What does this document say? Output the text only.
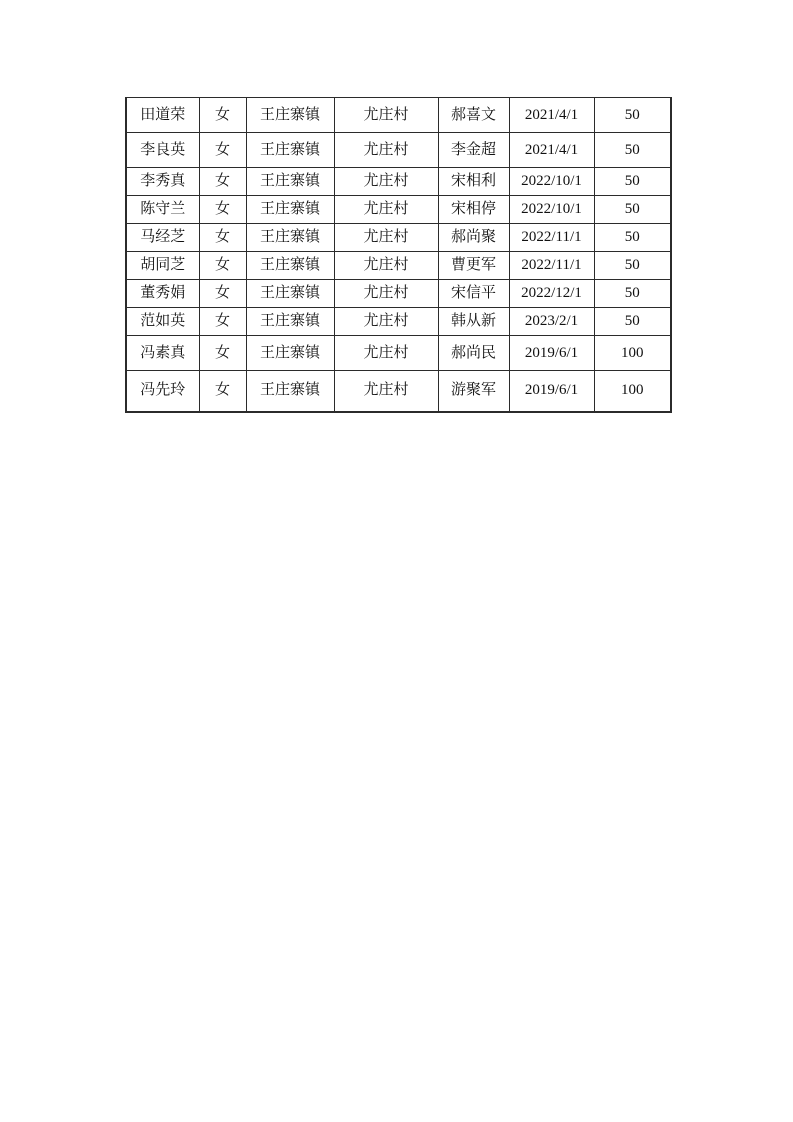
田道荣	女	王庄寨镇	尤庄村	郝喜文	2021/4/1	50
李良英	女	王庄寨镇	尤庄村	李金超	2021/4/1	50
李秀真	女	王庄寨镇	尤庄村	宋相利	2022/10/1	50
陈守兰	女	王庄寨镇	尤庄村	宋相停	2022/10/1	50
马经芝	女	王庄寨镇	尤庄村	郝尚聚	2022/11/1	50
胡同芝	女	王庄寨镇	尤庄村	曹更军	2022/11/1	50
董秀娟	女	王庄寨镇	尤庄村	宋信平	2022/12/1	50
范如英	女	王庄寨镇	尤庄村	韩从新	2023/2/1	50
冯素真	女	王庄寨镇	尤庄村	郝尚民	2019/6/1	100
冯先玲	女	王庄寨镇	尤庄村	游聚军	2019/6/1	100
